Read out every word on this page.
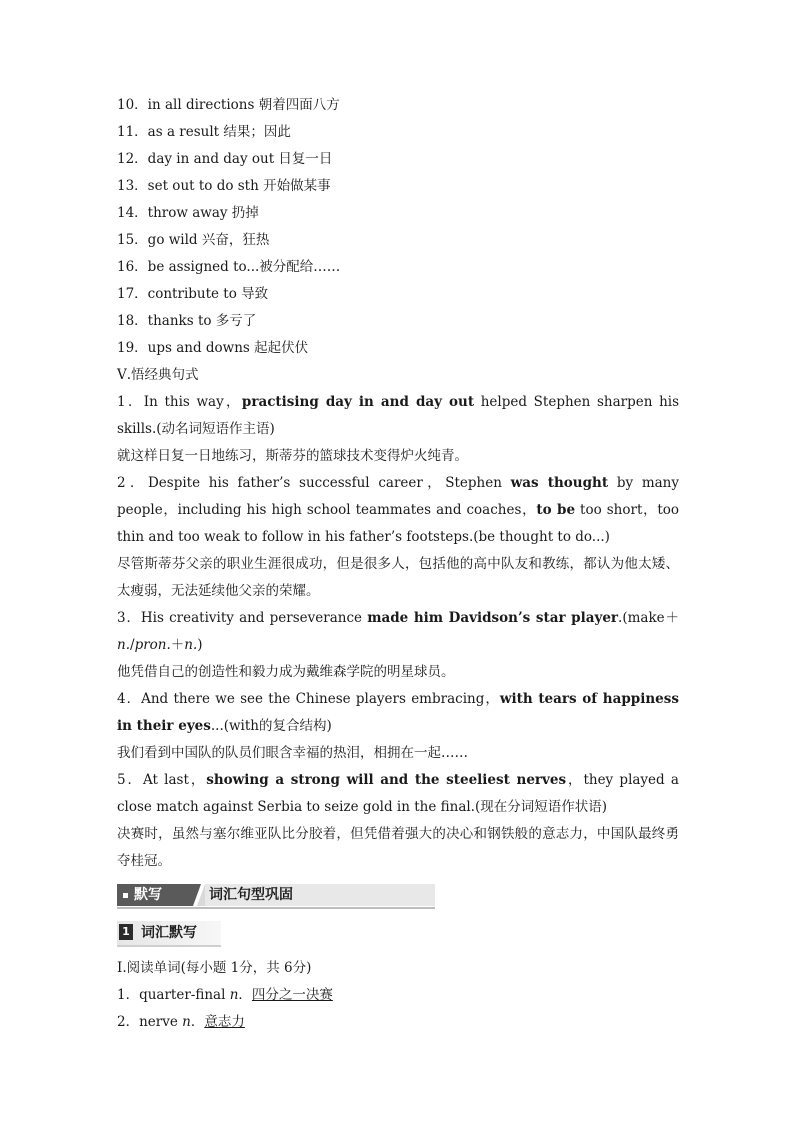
10．in all directions 朝着四面八方
11．as a result 结果；因此
12．day in and day out 日复一日
13．set out to do sth 开始做某事
14．throw away 扔掉
15．go wild 兴奋，狂热
16．be assigned to...被分配给……
17．contribute to 导致
18．thanks to 多亏了
19．ups and downs 起起伏伏
Ⅴ.悟经典句式
1．In this way，practising day in and day out helped Stephen sharpen his skills.(动名词短语作主语)
就这样日复一日地练习，斯蒂芬的篮球技术变得炉火纯青。
2．Despite his father’s successful career，Stephen was thought by many people，including his high school teammates and coaches，to be too short，too thin and too weak to follow in his father’s footsteps.(be thought to do...)
尽管斯蒂芬父亲的职业生涯很成功，但是很多人，包括他的高中队友和教练，都认为他太矮、太瘦弱，无法延续他父亲的荣耀。
3．His creativity and perseverance made him Davidson’s star player.(make＋n./pron.＋n.)
他凭借自己的创造性和毅力成为戴维森学院的明星球员。
4．And there we see the Chinese players embracing，with tears of happiness in their eyes...(with的复合结构)
我们看到中国队的队员们眼含幸福的热泪，相拥在一起……
5．At last，showing a strong will and the steeliest nerves，they played a close match against Serbia to seize gold in the final.(现在分词短语作状语)
决赛时，虽然与塞尔维亚队比分胶着，但凭借着强大的决心和钢铁般的意志力，中国队最终勇夺桂冠。
默写	词汇句型巩固
1 词汇默写
Ⅰ.阅读单词(每小题 1分，共 6分)
1．quarter-final n．四分之一决赛
2．nerve n．意志力
